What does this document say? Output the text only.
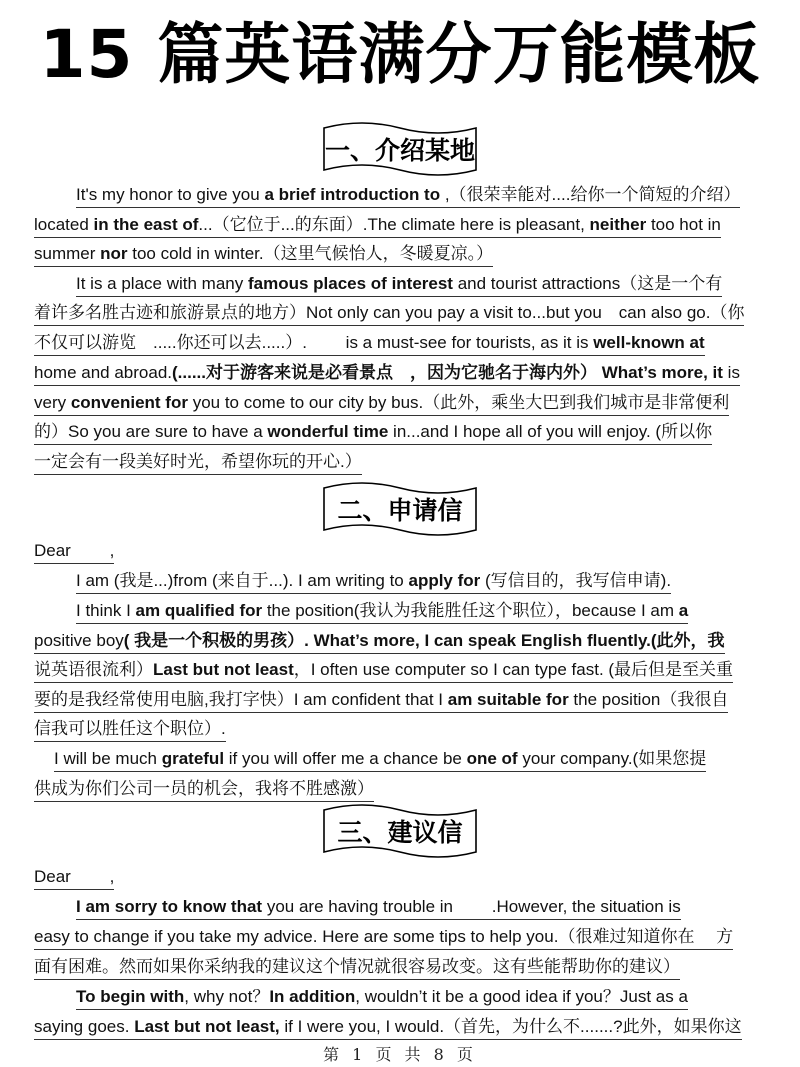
15 篇英语满分万能模板
一、介绍某地
It's my honor to give you a brief introduction to ,（很荣幸能对....给你一个简短的介绍）
located in the east of...（它位于...的东面）.The climate here is pleasant, neither too hot in
summer nor too cold in winter.（这里气候怡人，冬暖夏凉。）
It is a place with many famous places of interest and tourist attractions（这是一个有
着许多名胜古迹和旅游景点的地方）Not only can you pay a visit to...but you　can also go.（你
不仅可以游览　.....你还可以去.....）.　　 is a must-see for tourists, as it is well-known at
home and abroad.(......对于游客来说是必看景点　，因为它驰名于海内外） What’s more, it is
very convenient for you to come to our city by bus.（此外，乘坐大巴到我们城市是非常便利
的）So you are sure to have a wonderful time in...and I hope all of you will enjoy. (所以你
一定会有一段美好时光，希望你玩的开心.）
二、申请信
Dear 　　,
I am (我是...)from (来自于...). I am writing to apply for (写信目的，我写信申请).
I think I am qualified for the position(我认为我能胜任这个职位），because I am a
positive boy( 我是一个积极的男孩）. What’s more, I can speak English fluently.(此外，我
说英语很流利）Last but not least，I often use computer so I can type fast. (最后但是至关重
要的是我经常使用电脑,我打字快）I am confident that I am suitable for the position（我很自
信我可以胜任这个职位）.
I will be much grateful if you will offer me a chance be one of your company.(如果您提
供成为你们公司一员的机会，我将不胜感激）
三、建议信
Dear 　　,
I am sorry to know that you are having trouble in　　 .However, the situation is
easy to change if you take my advice. Here are some tips to help you.（很难过知道你在　 方
面有困难。然而如果你采纳我的建议这个情况就很容易改变。这有些能帮助你的建议）
To begin with, why not？In addition, wouldn’t it be a good idea if you？Just as a
saying goes. Last but not least, if I were you, I would.（首先，为什么不.......?此外，如果你这
第 1 页 共 8 页
